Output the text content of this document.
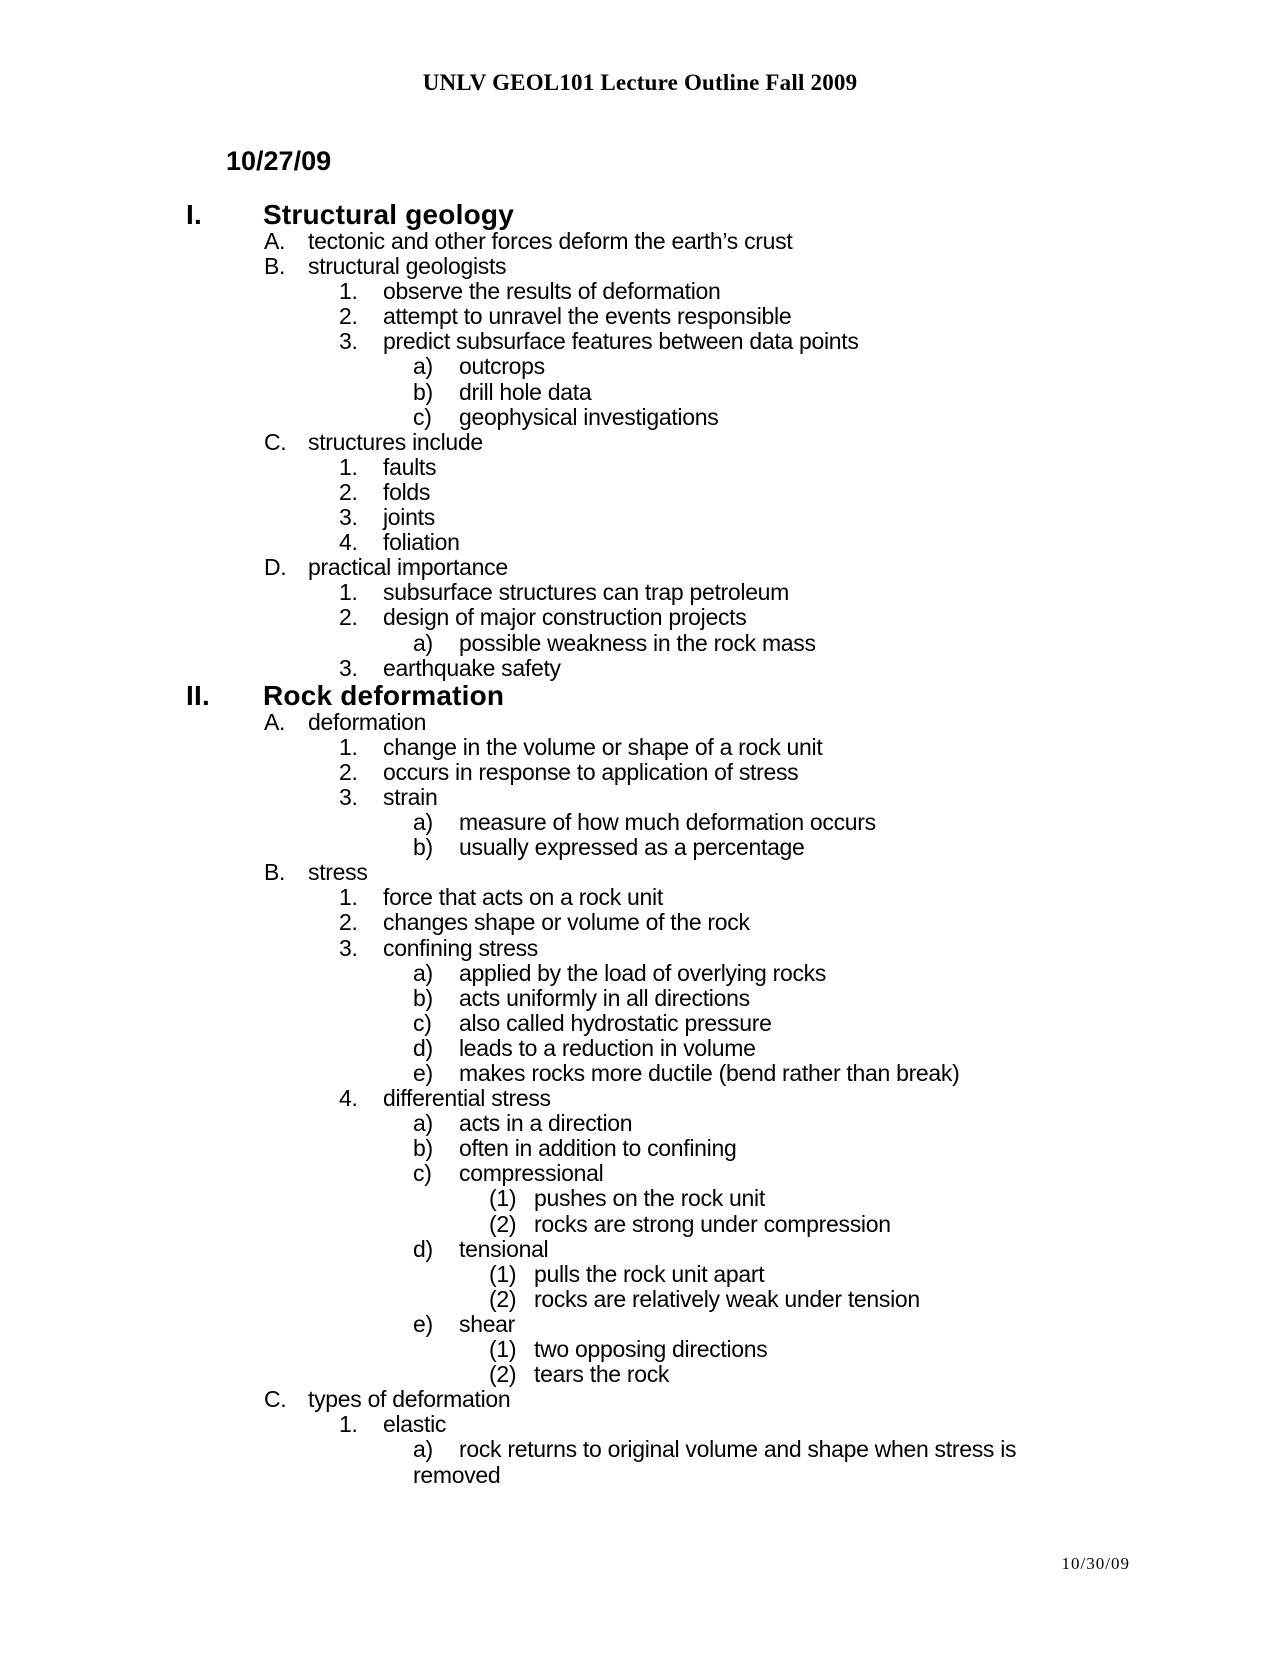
UNLV GEOL101 Lecture Outline Fall 2009
10/27/09
I. Structural geology
A. tectonic and other forces deform the earth’s crust
B. structural geologists
1. observe the results of deformation
2. attempt to unravel the events responsible
3. predict subsurface features between data points
a) outcrops
b) drill hole data
c) geophysical investigations
C. structures include
1. faults
2. folds
3. joints
4. foliation
D. practical importance
1. subsurface structures can trap petroleum
2. design of major construction projects
a) possible weakness in the rock mass
3. earthquake safety
II. Rock deformation
A. deformation
1. change in the volume or shape of a rock unit
2. occurs in response to application of stress
3. strain
a) measure of how much deformation occurs
b) usually expressed as a percentage
B. stress
1. force that acts on a rock unit
2. changes shape or volume of the rock
3. confining stress
a) applied by the load of overlying rocks
b) acts uniformly in all directions
c) also called hydrostatic pressure
d) leads to a reduction in volume
e) makes rocks more ductile (bend rather than break)
4. differential stress
a) acts in a direction
b) often in addition to confining
c) compressional
(1) pushes on the rock unit
(2) rocks are strong under compression
d) tensional
(1) pulls the rock unit apart
(2) rocks are relatively weak under tension
e) shear
(1) two opposing directions
(2) tears the rock
C. types of deformation
1. elastic
a) rock returns to original volume and shape when stress is
removed
10/30/09
